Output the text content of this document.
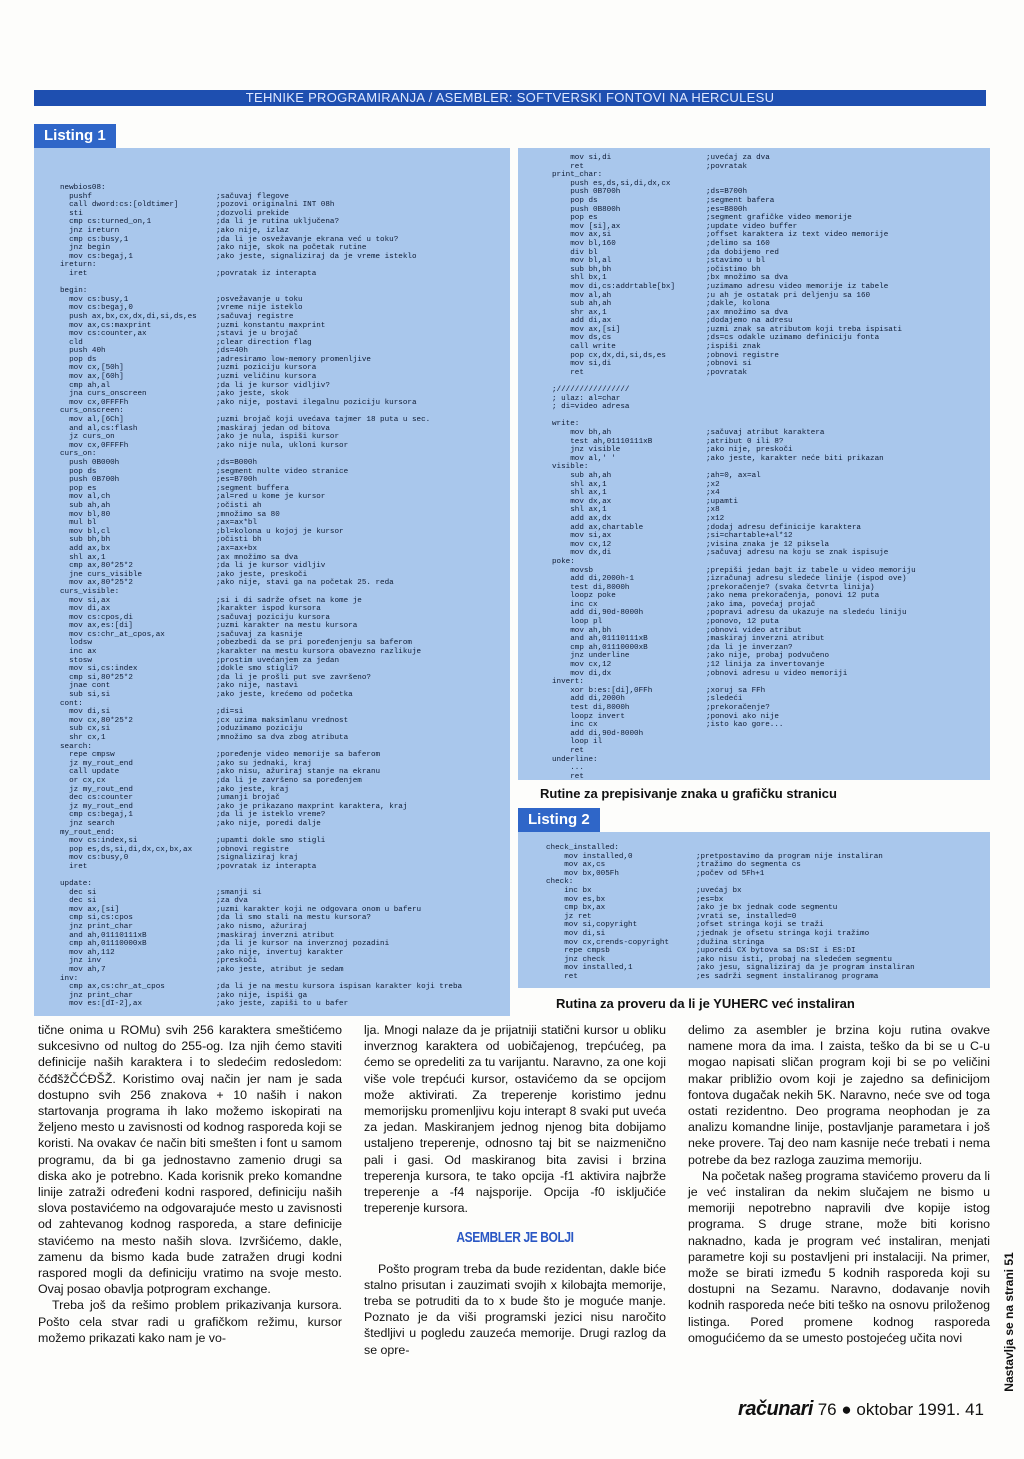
TEHNIKE PROGRAMIRANJA / ASEMBLER: SOFTVERSKI FONTOVI NA HERCULESU
Listing 1
newbios08:
pushf	;sačuvaj flegove
call dword:cs:[oldtimer]	;pozovi originalni INT 08h
sti	;dozvoli prekide
cmp cs:turned_on,1	;da li je rutina uključena?
jnz ireturn	;ako nije, izlaz
cmp cs:busy,1	;da li je osvežavanje ekrana već u toku?
jnz begin	;ako nije, skok na početak rutine
mov cs:begaj,1	;ako jeste, signaliziraj da je vreme isteklo
ireturn:
iret	;povratak iz interapta
begin:
mov cs:busy,1	;osvežavanje u toku
mov cs:begaj,0	;vreme nije isteklo
push ax,bx,cx,dx,di,si,ds,es	;sačuvaj registre
mov ax,cs:maxprint	;uzmi konstantu maxprint
mov cs:counter,ax	;stavi je u brojač
cld	;clear direction flag
push 40h	;ds=40h
pop ds	;adresiramo low-memory promenljive
mov cx,[50h]	;uzmi poziciju kursora
mov ax,[60h]	;uzmi veličinu kursora
cmp ah,al	;da li je kursor vidljiv?
jna curs_onscreen	;ako jeste, skok
mov cx,0FFFFh	;ako nije, postavi ilegalnu poziciju kursora
curs_onscreen:
mov al,[6Ch]	;uzmi brojač koji uvećava tajmer 18 puta u sec.
and al,cs:flash	;maskiraj jedan od bitova
jz curs_on	;ako je nula, ispiši kursor
mov cx,0FFFFh	;ako nije nula, ukloni kursor
curs_on:
push 0B000h	;ds=B000h
pop ds	;segment nulte video stranice
push 0B700h	;es=B700h
pop es	;segment buffera
mov al,ch	;al=red u kome je kursor
sub ah,ah	;očisti ah
mov bl,80	;množimo sa 80
mul bl	;ax=ax*bl
mov bl,cl	;bl=kolona u kojoj je kursor
sub bh,bh	;očisti bh
add ax,bx	;ax=ax+bx
shl ax,1	;ax množimo sa dva
cmp ax,80*25*2	;da li je kursor vidljiv
jne curs_visible	;ako jeste, preskoči
mov ax,80*25*2	;ako nije, stavi ga na početak 25. reda
curs_visible:
mov si,ax	;si i di sadrže ofset na kome je
mov di,ax	;karakter ispod kursora
mov cs:cpos,di	;sačuvaj poziciju kursora
mov ax,es:[di]	;uzmi karakter na mestu kursora
mov cs:chr_at_cpos,ax	;sačuvaj za kasnije
lodsw	;obezbedi da se pri poređenjenju sa baferom
inc ax	;karakter na mestu kursora obavezno razlikuje
stosw	;prostim uvećanjem za jedan
mov si,cs:index	;dokle smo stigli?
cmp si,80*25*2	;da li je prošli put sve završeno?
jnae cont	;ako nije, nastavi
sub si,si	;ako jeste, krećemo od početka
cont:
mov di,si	;di=si
mov cx,80*25*2	;cx uzima maksimlanu vrednost
sub cx,si	;oduzimamo poziciju
shr cx,1	;množimo sa dva zbog atributa
search:
repe cmpsw	;poređenje video memorije sa baferom
jz my_rout_end	;ako su jednaki, kraj
call update	;ako nisu, ažuriraj stanje na ekranu
or cx,cx	;da li je završeno sa poređenjem
jz my_rout_end	;ako jeste, kraj
dec cs:counter	;umanji brojač
jz my_rout_end	;ako je prikazano maxprint karaktera, kraj
cmp cs:begaj,1	;da li je isteklo vreme?
jnz search	;ako nije, poredi dalje
my_rout_end:
mov cs:index,si	;upamti dokle smo stigli
pop es,ds,si,di,dx,cx,bx,ax	;obnovi registre
mov cs:busy,0	;signaliziraj kraj
iret	;povratak iz interapta
update:
dec si	;smanji si
dec si	;za dva
mov ax,[si]	;uzmi karakter koji ne odgovara onom u baferu
cmp si,cs:cpos	;da li smo stali na mestu kursora?
jnz print_char	;ako nismo, ažuriraj
and ah,01110111xB	;maskiraj inverzni atribut
cmp ah,01110000xB	;da li je kursor na inverznoj pozadini
mov ah,112	;ako nije, invertuj karakter
jnz inv	;preskoči
mov ah,7	;ako jeste, atribut je sedam
inv:
cmp ax,cs:chr_at_cpos	;da li je na mestu kursora ispisan karakter koji treba
jnz print_char	;ako nije, ispiši ga
mov es:[dI-2],ax	;ako jeste, zapiši to u bafer
mov si,di	;uvećaj za dva
ret	;povratak
print_char:
push es,ds,si,di,dx,cx
push 0B700h	;ds=B700h
pop ds	;segment bafera
push 0B800h	;es=B800h
pop es	;segment grafičke video memorije
mov [si],ax	;update video buffer
mov ax,si	;offset karaktera iz text video memorije
mov bl,160	;delimo sa 160
div bl	;da dobijemo red
mov bl,al	;stavimo u bl
sub bh,bh	;očistimo bh
shl bx,1	;bx množimo sa dva
mov di,cs:addrtable[bx]	;uzimamo adresu video memorije iz tabele
mov al,ah	;u ah je ostatak pri deljenju sa 160
sub ah,ah	;dakle, kolona
shr ax,1	;ax množimo sa dva
add di,ax	;dodajemo na adresu
mov ax,[si]	;uzmi znak sa atributom koji treba ispisati
mov ds,cs	;ds=cs odakle uzimamo definiciju fonta
call write	;ispiši znak
pop cx,dx,di,si,ds,es	;obnovi registre
mov si,di	;obnovi si
ret	;povratak
;////////////////
; ulaz: al=char
; di=video adresa
write:
mov bh,ah	;sačuvaj atribut karaktera
test ah,01110111xB	;atribut 0 ili 8?
jnz visible	;ako nije, preskoči
mov al,' '	;ako jeste, karakter neće biti prikazan
visible:
sub ah,ah	;ah=0, ax=al
shl ax,1	;x2
shl ax,1	;x4
mov dx,ax	;upamti
shl ax,1	;x8
add ax,dx	;x12
add ax,chartable	;dodaj adresu definicije karaktera
mov si,ax	;si=chartable+al*12
mov cx,12	;visina znaka je 12 piksela
mov dx,di	;sačuvaj adresu na koju se znak ispisuje
poke:
movsb	;prepiši jedan bajt iz tabele u video memoriju
add di,2000h-1	;izračunaj adresu sledeće linije (ispod ove)
test di,8000h	;prekoračenje? (svaka četvrta linija)
loopz poke	;ako nema prekoračenja, ponovi 12 puta
inc cx	;ako ima, povećaj projač
add di,90d-8000h	;popravi adresu da ukazuje na sledeću liniju
loop pl	;ponovo, 12 puta
mov ah,bh	;obnovi video atribut
and ah,01110111xB	;maskiraj inverzni atribut
cmp ah,01110000xB	;da li je inverzan?
jnz underline	;ako nije, probaj podvučeno
mov cx,12	;12 linija za invertovanje
mov di,dx	;obnovi adresu u video memoriji
invert:
xor b:es:[di],0FFh	;xoruj sa FFh
add di,2000h	;sledeći
test di,8000h	;prekoračenje?
loopz invert	;ponovi ako nije
inc cx	;isto kao gore...
add di,90d-8000h
loop il
ret
underline:
...
ret
Rutine za prepisivanje znaka u grafičku stranicu
Listing 2
check_installed:
mov installed,0	;pretpostavimo da program nije instaliran
mov ax,cs	;tražimo do segmenta cs
mov bx,005Fh	;počev od 5Fh+1
check:
inc bx	;uvećaj bx
mov es,bx	;es=bx
cmp bx,ax	;ako je bx jednak code segmentu
jz ret	;vrati se, installed=0
mov si,copyright	;ofset stringa koji se traži
mov di,si	;jednak je ofsetu stringa koji tražimo
mov cx,crends-copyright	;dužina stringa
repe cmpsb	;uporedi CX bytova sa DS:SI i ES:DI
jnz check	;ako nisu isti, probaj na sledećem segmentu
mov installed,1	;ako jesu, signaliziraj da je program instaliran
ret	;es sadrži segment instaliranog programa
Rutina za proveru da li je YUHERC već instaliran

tične onima u ROMu) svih 256 karaktera smeštićemo sukcesivno od nultog do 255-og. Iza njih ćemo staviti definicije naših karaktera i to sledećim redosledom: čćđšžČĆĐŠŽ. Koristimo ovaj način jer nam je sada dostupno svih 256 znakova + 10 naših i nakon startovanja programa ih lako možemo iskopirati na željeno mesto u zavisnosti od kodnog rasporeda koji se koristi. Na ovakav će način biti smešten i font u samom programu, da bi ga jednostavno zamenio drugi sa diska ako je potrebno. Kada korisnik preko komandne linije zatraži određeni kodni raspored, definiciju naših slova postavićemo na odgovarajuće mesto u zavisnosti od zahtevanog kodnog rasporeda, a stare definicije stavićemo na mesto naših slova. Izvršićemo, dakle, zamenu da bismo kada bude zatražen drugi kodni raspored mogli da definiciju vratimo na svoje mesto. Ovaj posao obavlja potprogram exchange.

Treba još da rešimo problem prikazivanja kursora. Pošto cela stvar radi u grafičkom režimu, kursor možemo prikazati kako nam je vo-

lja. Mnogi nalaze da je prijatniji statični kursor u obliku inverznog karaktera od uobičajenog, trepćućeg, pa ćemo se opredeliti za tu varijantu. Naravno, za one koji više vole trepćući kursor, ostavićemo da se opcijom može aktivirati. Za treperenje koristimo jednu memorijsku promenljivu koju interapt 8 svaki put uveća za jedan. Maskiranjem jednog njenog bita dobijamo ustaljeno treperenje, odnosno taj bit se naizmenično pali i gasi. Od maskiranog bita zavisi i brzina treperenja kursora, te tako opcija -f1 aktivira najbrže treperenje a -f4 najsporije. Opcija -f0 isključiće treperenje kursora.

ASEMBLER JE BOLJI

Pošto program treba da bude rezidentan, dakle biće stalno prisutan i zauzimati svojih x kilobajta memorije, treba se potruditi da to x bude što je moguće manje. Poznato je da viši programski jezici nisu naročito štedljivi u pogledu zauzeća memorije. Drugi razlog da se opre-

delimo za asembler je brzina koju rutina ovakve namene mora da ima. I zaista, teško da bi se u C-u mogao napisati sličan program koji bi se po veličini makar približio ovom koji je zajedno sa definicijom fontova dugačak nekih 5K. Naravno, neće sve od toga ostati rezidentno. Deo programa neophodan je za analizu komandne linije, postavljanje parametara i još neke provere. Taj deo nam kasnije neće trebati i nema potrebe da bez razloga zauzima memoriju.

Na početak našeg programa stavićemo proveru da li je već instaliran da nekim slučajem ne bismo u memoriji nepotrebno napravili dve kopije istog programa. S druge strane, može biti korisno naknadno, kada je program već instaliran, menjati parametre koji su postavljeni pri instalaciji. Na primer, može se birati između 5 kodnih rasporeda koji su dostupni na Sezamu. Naravno, dodavanje novih kodnih rasporeda neće biti teško na osnovu priloženog listinga. Pored promene kodnog rasporeda omogućićemo da se umesto postojećeg učita novi	Nastavlja se na strani 51
računari 76 ● oktobar 1991. 41
